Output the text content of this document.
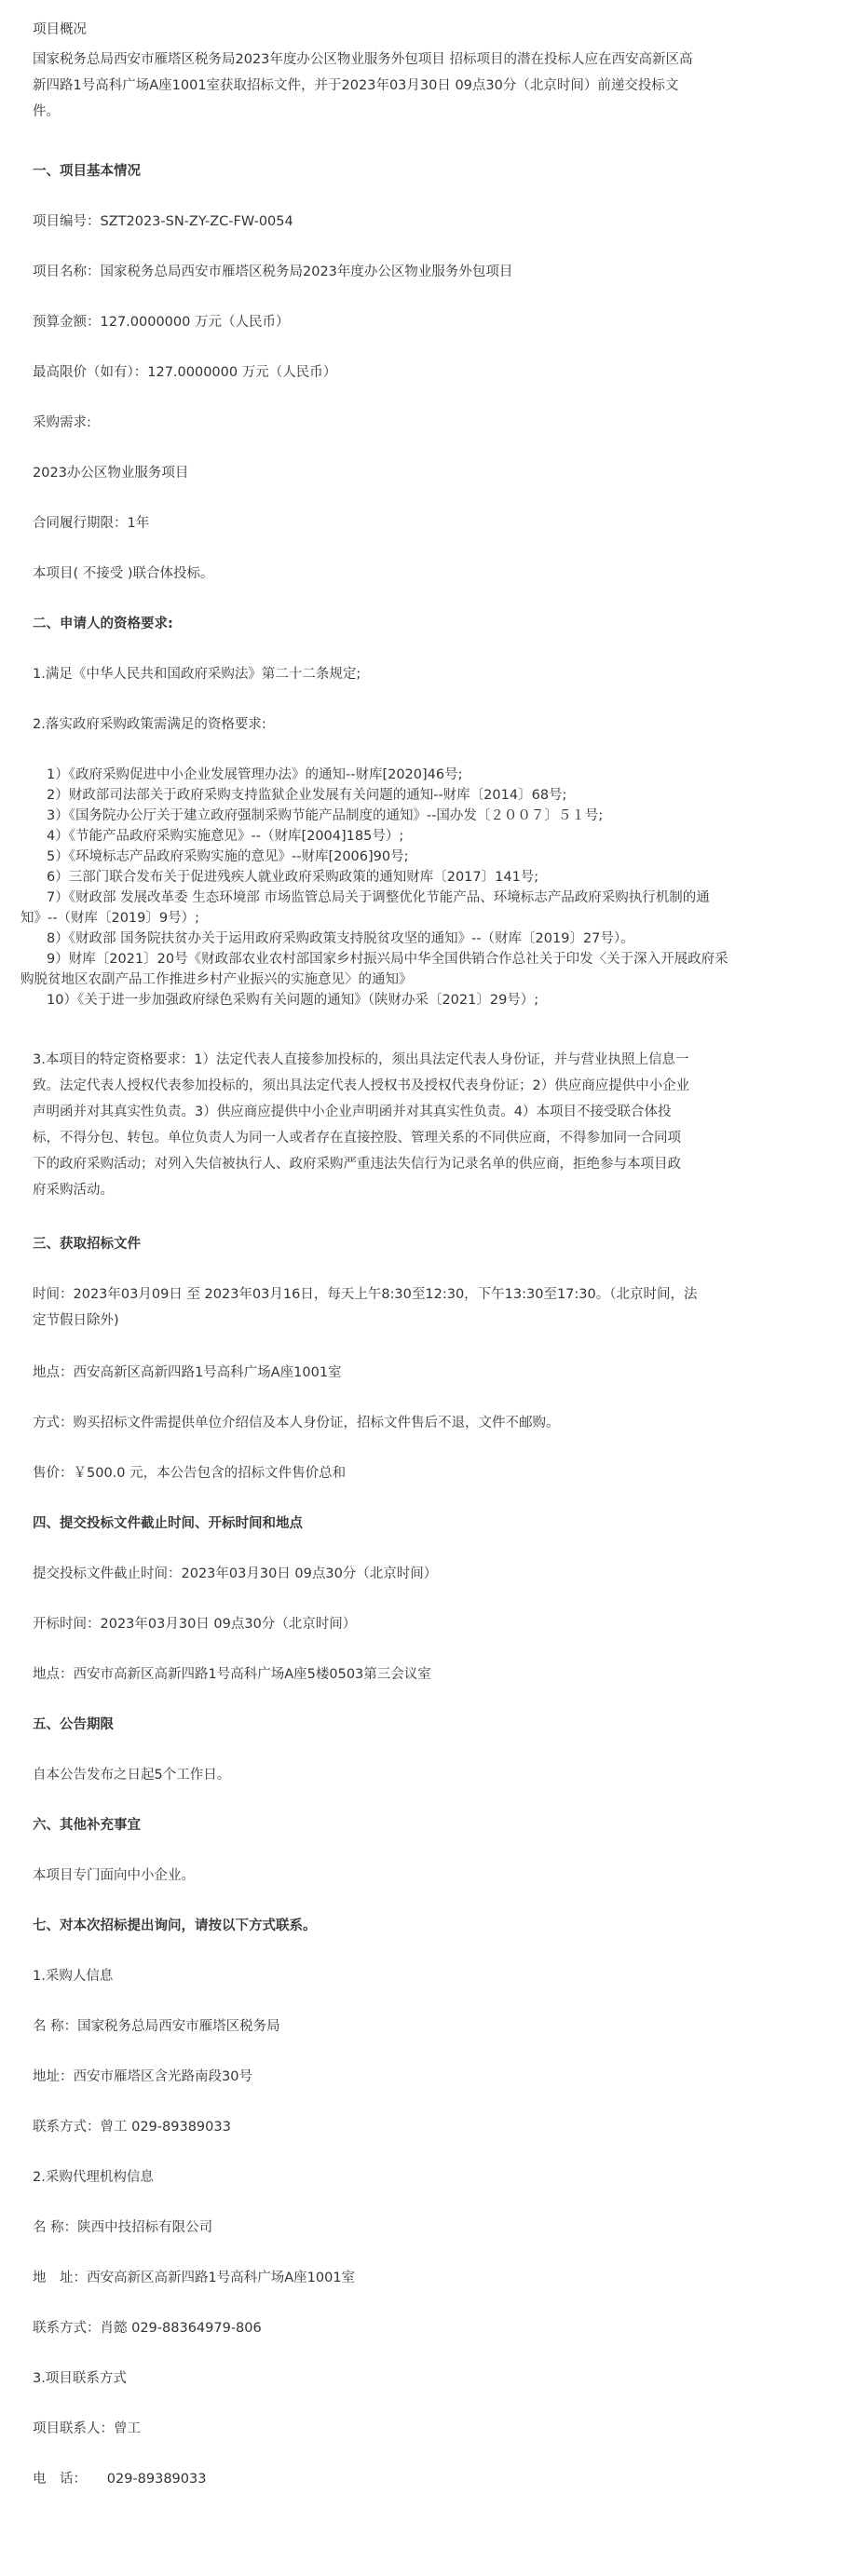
项目概况
国家税务总局西安市雁塔区税务局2023年度办公区物业服务外包项目 招标项目的潜在投标人应在西安高新区高
新四路1号高科广场A座1001室获取招标文件，并于2023年03月30日 09点30分（北京时间）前递交投标文
件。
一、项目基本情况
项目编号：SZT2023-SN-ZY-ZC-FW-0054
项目名称：国家税务总局西安市雁塔区税务局2023年度办公区物业服务外包项目
预算金额：127.0000000 万元（人民币）
最高限价（如有）：127.0000000 万元（人民币）
采购需求:
2023办公区物业服务项目
合同履行期限：1年
本项目( 不接受 )联合体投标。
二、申请人的资格要求:
1.满足《中华人民共和国政府采购法》第二十二条规定;
2.落实政府采购政策需满足的资格要求:
1）《政府采购促进中小企业发展管理办法》的通知--财库[2020]46号;
2）财政部司法部关于政府采购支持监狱企业发展有关问题的通知--财库〔2014〕68号;
3）《国务院办公厅关于建立政府强制采购节能产品制度的通知》--国办发〔２００７〕５１号;
4）《节能产品政府采购实施意见》--（财库[2004]185号）;
5）《环境标志产品政府采购实施的意见》--财库[2006]90号;
6）三部门联合发布关于促进残疾人就业政府采购政策的通知财库〔2017〕141号;
7）《财政部 发展改革委 生态环境部 市场监管总局关于调整优化节能产品、环境标志产品政府采购执行机制的通
知》--（财库〔2019〕9号）;
8）《财政部 国务院扶贫办关于运用政府采购政策支持脱贫攻坚的通知》--（财库〔2019〕27号）。
9）财库〔2021〕20号《财政部农业农村部国家乡村振兴局中华全国供销合作总社关于印发〈关于深入开展政府采
购脱贫地区农副产品工作推进乡村产业振兴的实施意见〉的通知》
10）《关于进一步加强政府绿色采购有关问题的通知》（陕财办采〔2021〕29号）;
3.本项目的特定资格要求：1）法定代表人直接参加投标的，须出具法定代表人身份证，并与营业执照上信息一
致。法定代表人授权代表参加投标的，须出具法定代表人授权书及授权代表身份证；2）供应商应提供中小企业
声明函并对其真实性负责。3）供应商应提供中小企业声明函并对其真实性负责。4）本项目不接受联合体投
标，不得分包、转包。单位负责人为同一人或者存在直接控股、管理关系的不同供应商，不得参加同一合同项
下的政府采购活动；对列入失信被执行人、政府采购严重违法失信行为记录名单的供应商，拒绝参与本项目政
府采购活动。
三、获取招标文件
时间：2023年03月09日 至 2023年03月16日，每天上午8:30至12:30，下午13:30至17:30。（北京时间，法
定节假日除外)
地点：西安高新区高新四路1号高科广场A座1001室
方式：购买招标文件需提供单位介绍信及本人身份证，招标文件售后不退，文件不邮购。
售价：￥500.0 元，本公告包含的招标文件售价总和
四、提交投标文件截止时间、开标时间和地点
提交投标文件截止时间：2023年03月30日 09点30分（北京时间）
开标时间：2023年03月30日 09点30分（北京时间）
地点：西安市高新区高新四路1号高科广场A座5楼0503第三会议室
五、公告期限
自本公告发布之日起5个工作日。
六、其他补充事宜
本项目专门面向中小企业。
七、对本次招标提出询问，请按以下方式联系。
1.采购人信息
名 称：国家税务总局西安市雁塔区税务局
地址：西安市雁塔区含光路南段30号
联系方式：曾工 029-89389033
2.采购代理机构信息
名 称：陕西中技招标有限公司
地　址：西安高新区高新四路1号高科广场A座1001室
联系方式：肖懿 029-88364979-806
3.项目联系方式
项目联系人：曾工
电　话：　　029-89389033
